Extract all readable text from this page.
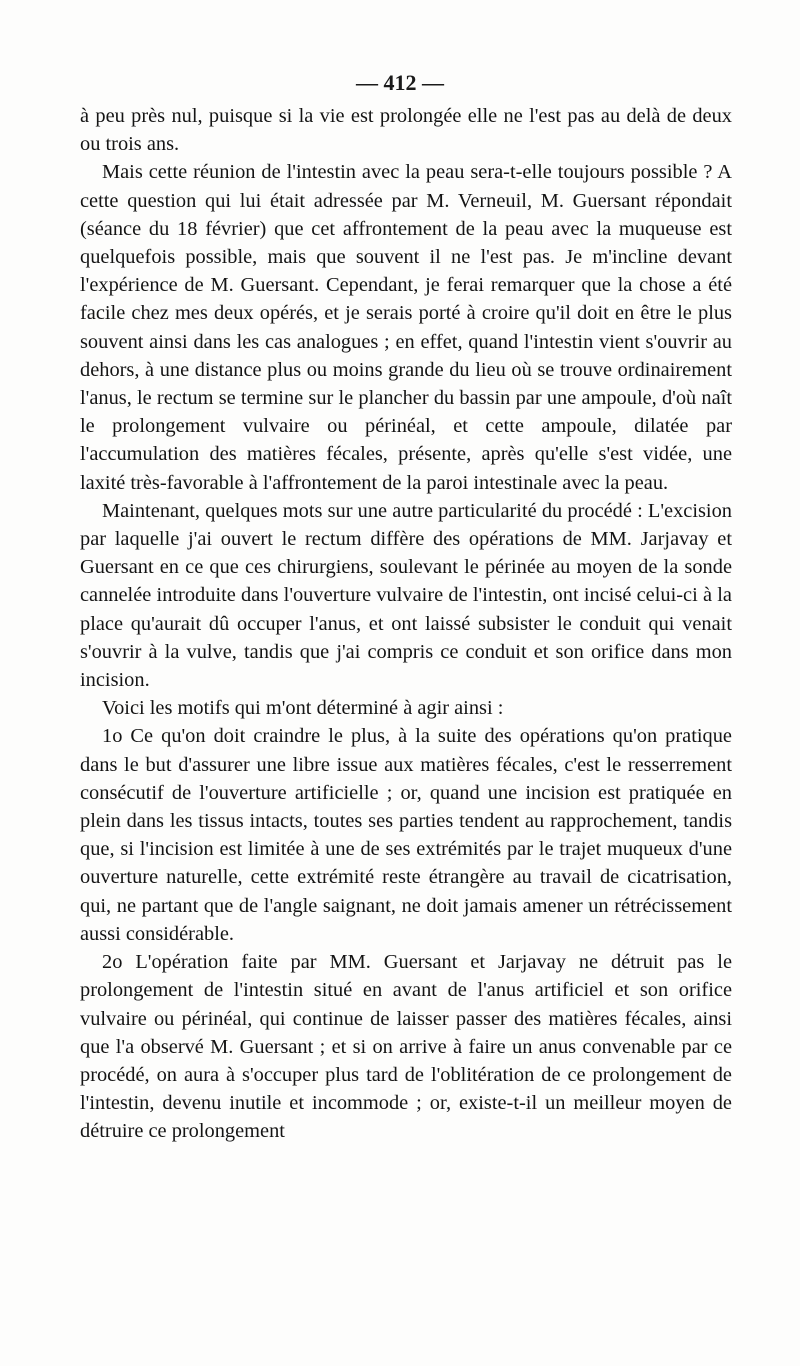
— 412 —

à peu près nul, puisque si la vie est prolongée elle ne l'est pas au delà de deux ou trois ans.

Mais cette réunion de l'intestin avec la peau sera-t-elle toujours possible ? A cette question qui lui était adressée par M. Verneuil, M. Guersant répondait (séance du 18 février) que cet affrontement de la peau avec la muqueuse est quelquefois possible, mais que souvent il ne l'est pas. Je m'incline devant l'expérience de M. Guersant. Cependant, je ferai remarquer que la chose a été facile chez mes deux opérés, et je serais porté à croire qu'il doit en être le plus souvent ainsi dans les cas analogues ; en effet, quand l'intestin vient s'ouvrir au dehors, à une distance plus ou moins grande du lieu où se trouve ordinairement l'anus, le rectum se termine sur le plancher du bassin par une ampoule, d'où naît le prolongement vulvaire ou périnéal, et cette ampoule, dilatée par l'accumulation des matières fécales, présente, après qu'elle s'est vidée, une laxité très-favorable à l'affrontement de la paroi intestinale avec la peau.

Maintenant, quelques mots sur une autre particularité du procédé : L'excision par laquelle j'ai ouvert le rectum diffère des opérations de MM. Jarjavay et Guersant en ce que ces chirurgiens, soulevant le périnée au moyen de la sonde cannelée introduite dans l'ouverture vulvaire de l'intestin, ont incisé celui-ci à la place qu'aurait dû occuper l'anus, et ont laissé subsister le conduit qui venait s'ouvrir à la vulve, tandis que j'ai compris ce conduit et son orifice dans mon incision.

Voici les motifs qui m'ont déterminé à agir ainsi :

1o Ce qu'on doit craindre le plus, à la suite des opérations qu'on pratique dans le but d'assurer une libre issue aux matières fécales, c'est le resserrement consécutif de l'ouverture artificielle ; or, quand une incision est pratiquée en plein dans les tissus intacts, toutes ses parties tendent au rapprochement, tandis que, si l'incision est limitée à une de ses extrémités par le trajet muqueux d'une ouverture naturelle, cette extrémité reste étrangère au travail de cicatrisation, qui, ne partant que de l'angle saignant, ne doit jamais amener un rétrécissement aussi considérable.

2o L'opération faite par MM. Guersant et Jarjavay ne détruit pas le prolongement de l'intestin situé en avant de l'anus artificiel et son orifice vulvaire ou périnéal, qui continue de laisser passer des matières fécales, ainsi que l'a observé M. Guersant ; et si on arrive à faire un anus convenable par ce procédé, on aura à s'occuper plus tard de l'oblitération de ce prolongement de l'intestin, devenu inutile et incommode ; or, existe-t-il un meilleur moyen de détruire ce prolongement
